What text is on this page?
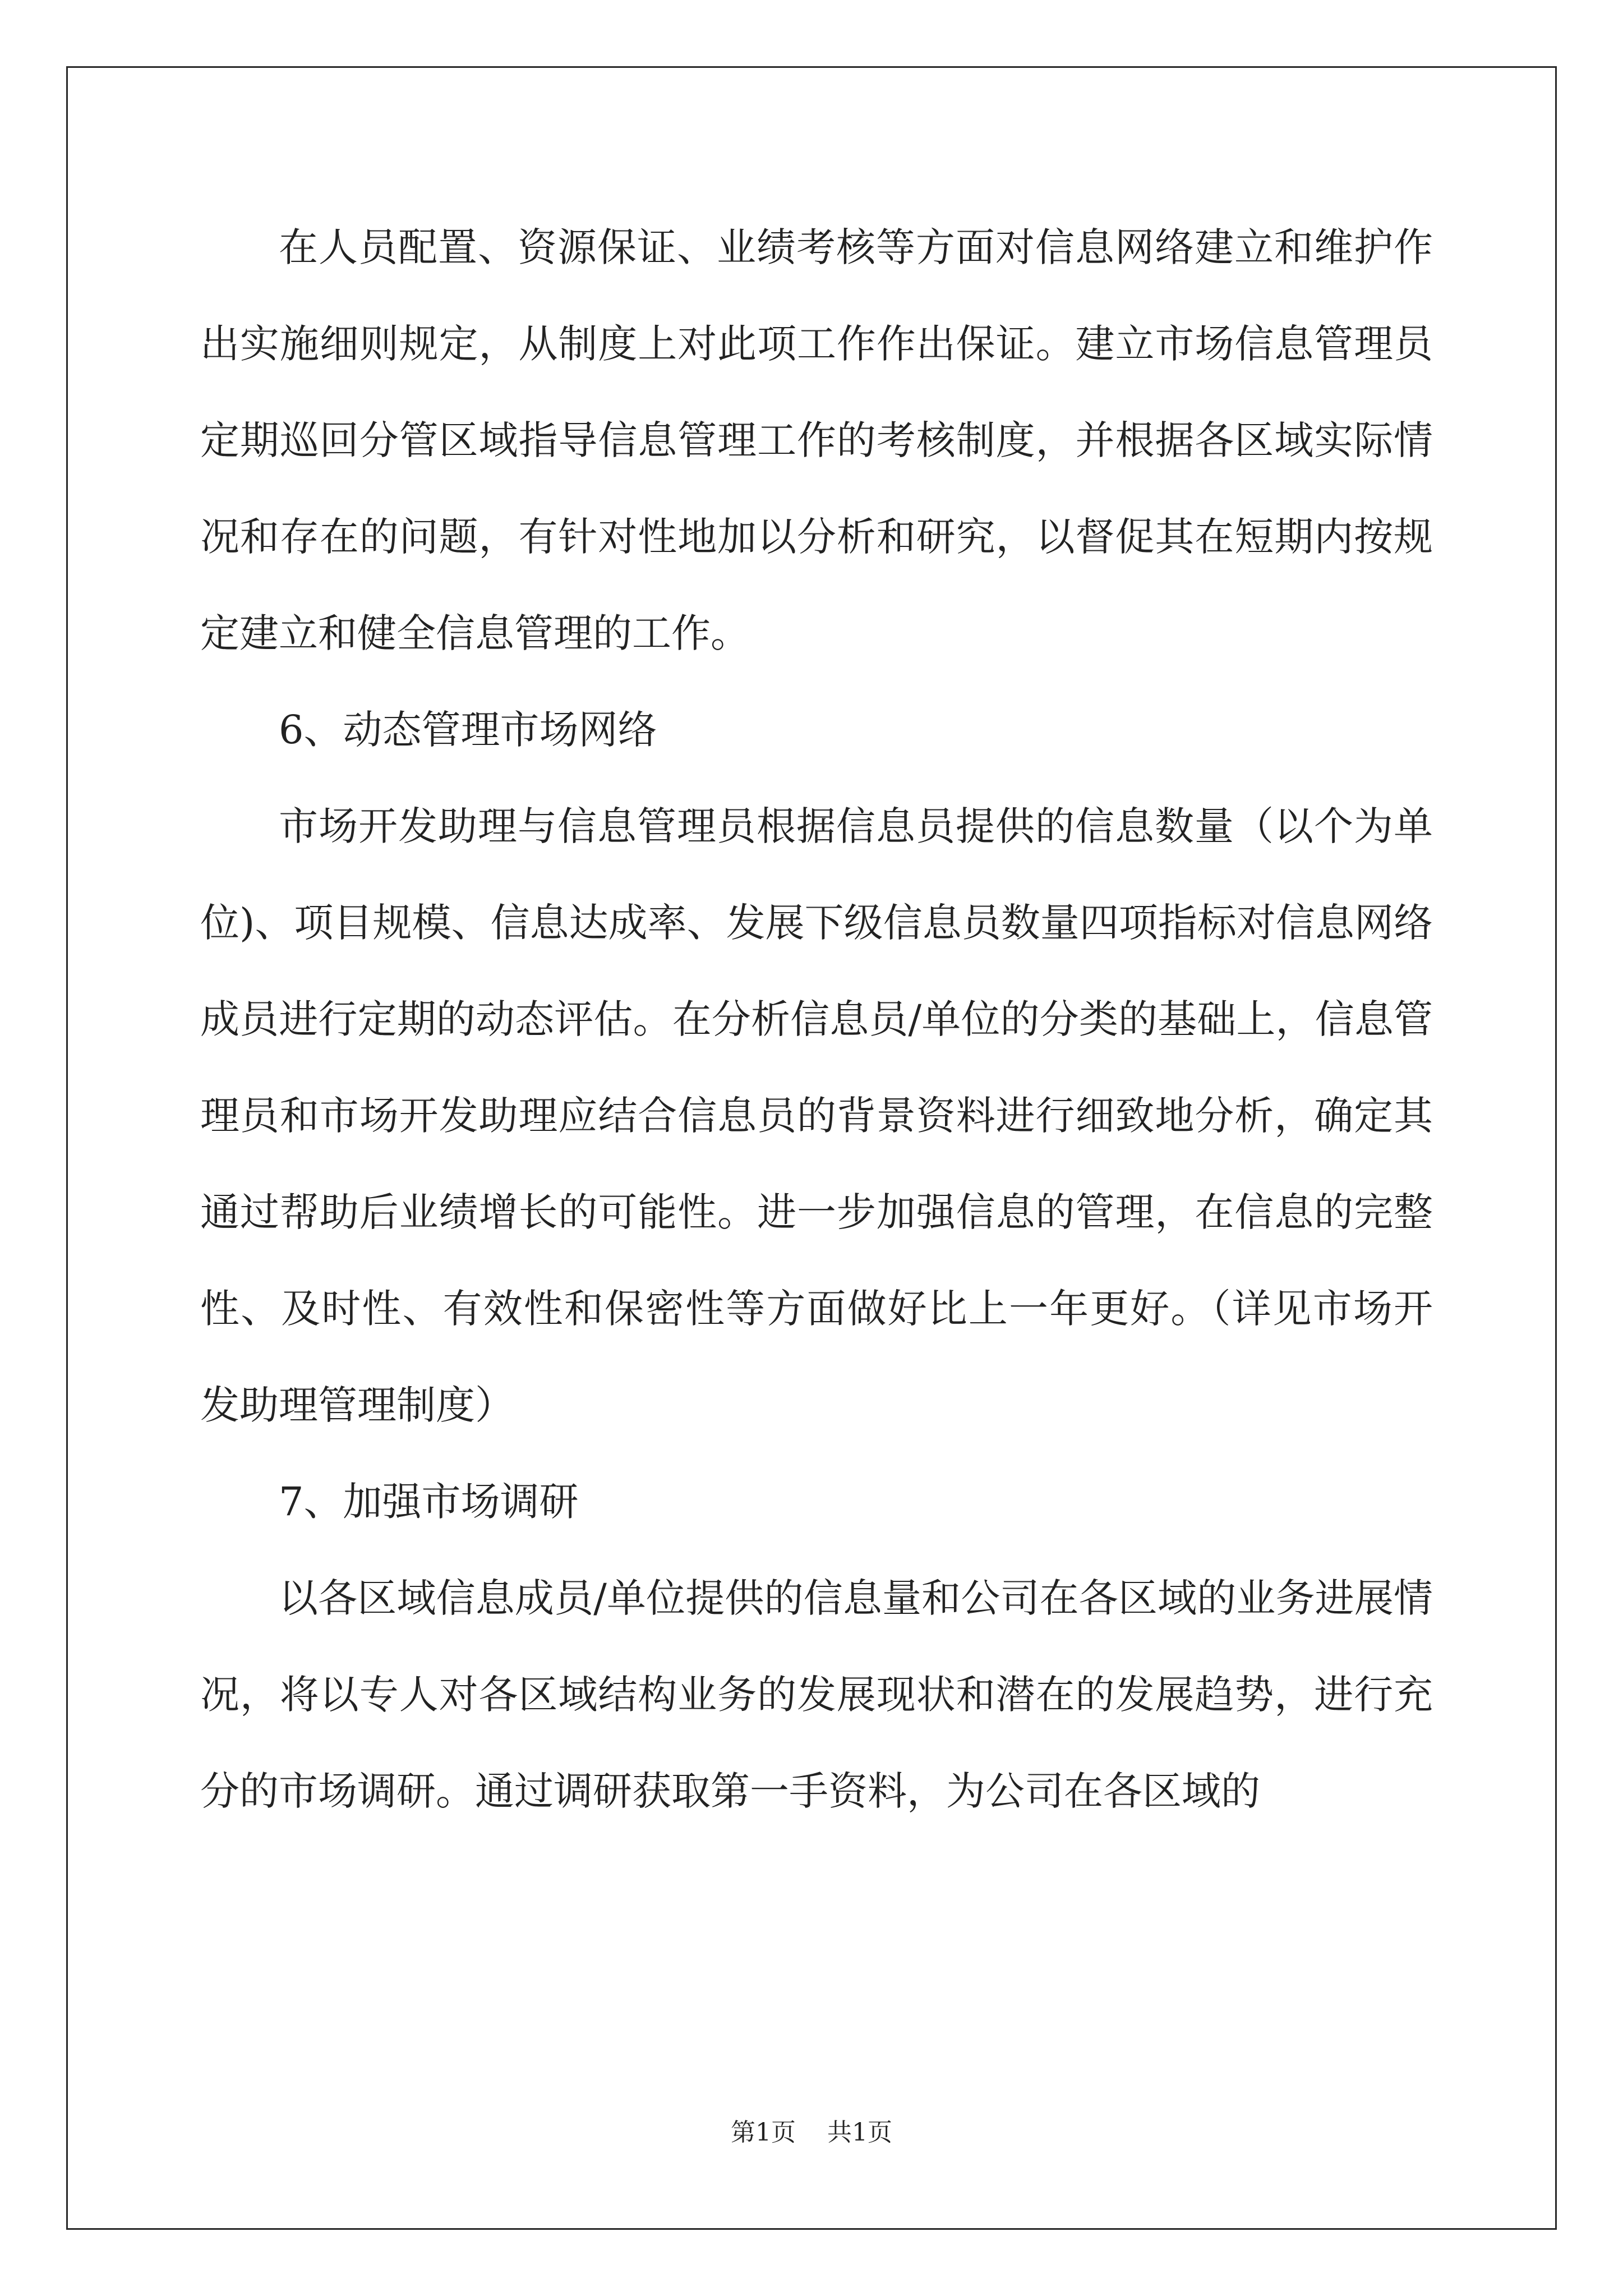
在人员配置、资源保证、业绩考核等方面对信息网络建立和维护作出实施细则规定，从制度上对此项工作作出保证。建立市场信息管理员定期巡回分管区域指导信息管理工作的考核制度，并根据各区域实际情况和存在的问题，有针对性地加以分析和研究，以督促其在短期内按规定建立和健全信息管理的工作。

6、动态管理市场网络

市场开发助理与信息管理员根据信息员提供的信息数量（以个为单位)、项目规模、信息达成率、发展下级信息员数量四项指标对信息网络成员进行定期的动态评估。在分析信息员/单位的分类的基础上，信息管理员和市场开发助理应结合信息员的背景资料进行细致地分析，确定其通过帮助后业绩增长的可能性。进一步加强信息的管理，在信息的完整性、及时性、有效性和保密性等方面做好比上一年更好。（详见市场开发助理管理制度）

7、加强市场调研

以各区域信息成员/单位提供的信息量和公司在各区域的业务进展情况，将以专人对各区域结构业务的发展现状和潜在的发展趋势，进行充分的市场调研。通过调研获取第一手资料，为公司在各区域的

第1页 共1页
